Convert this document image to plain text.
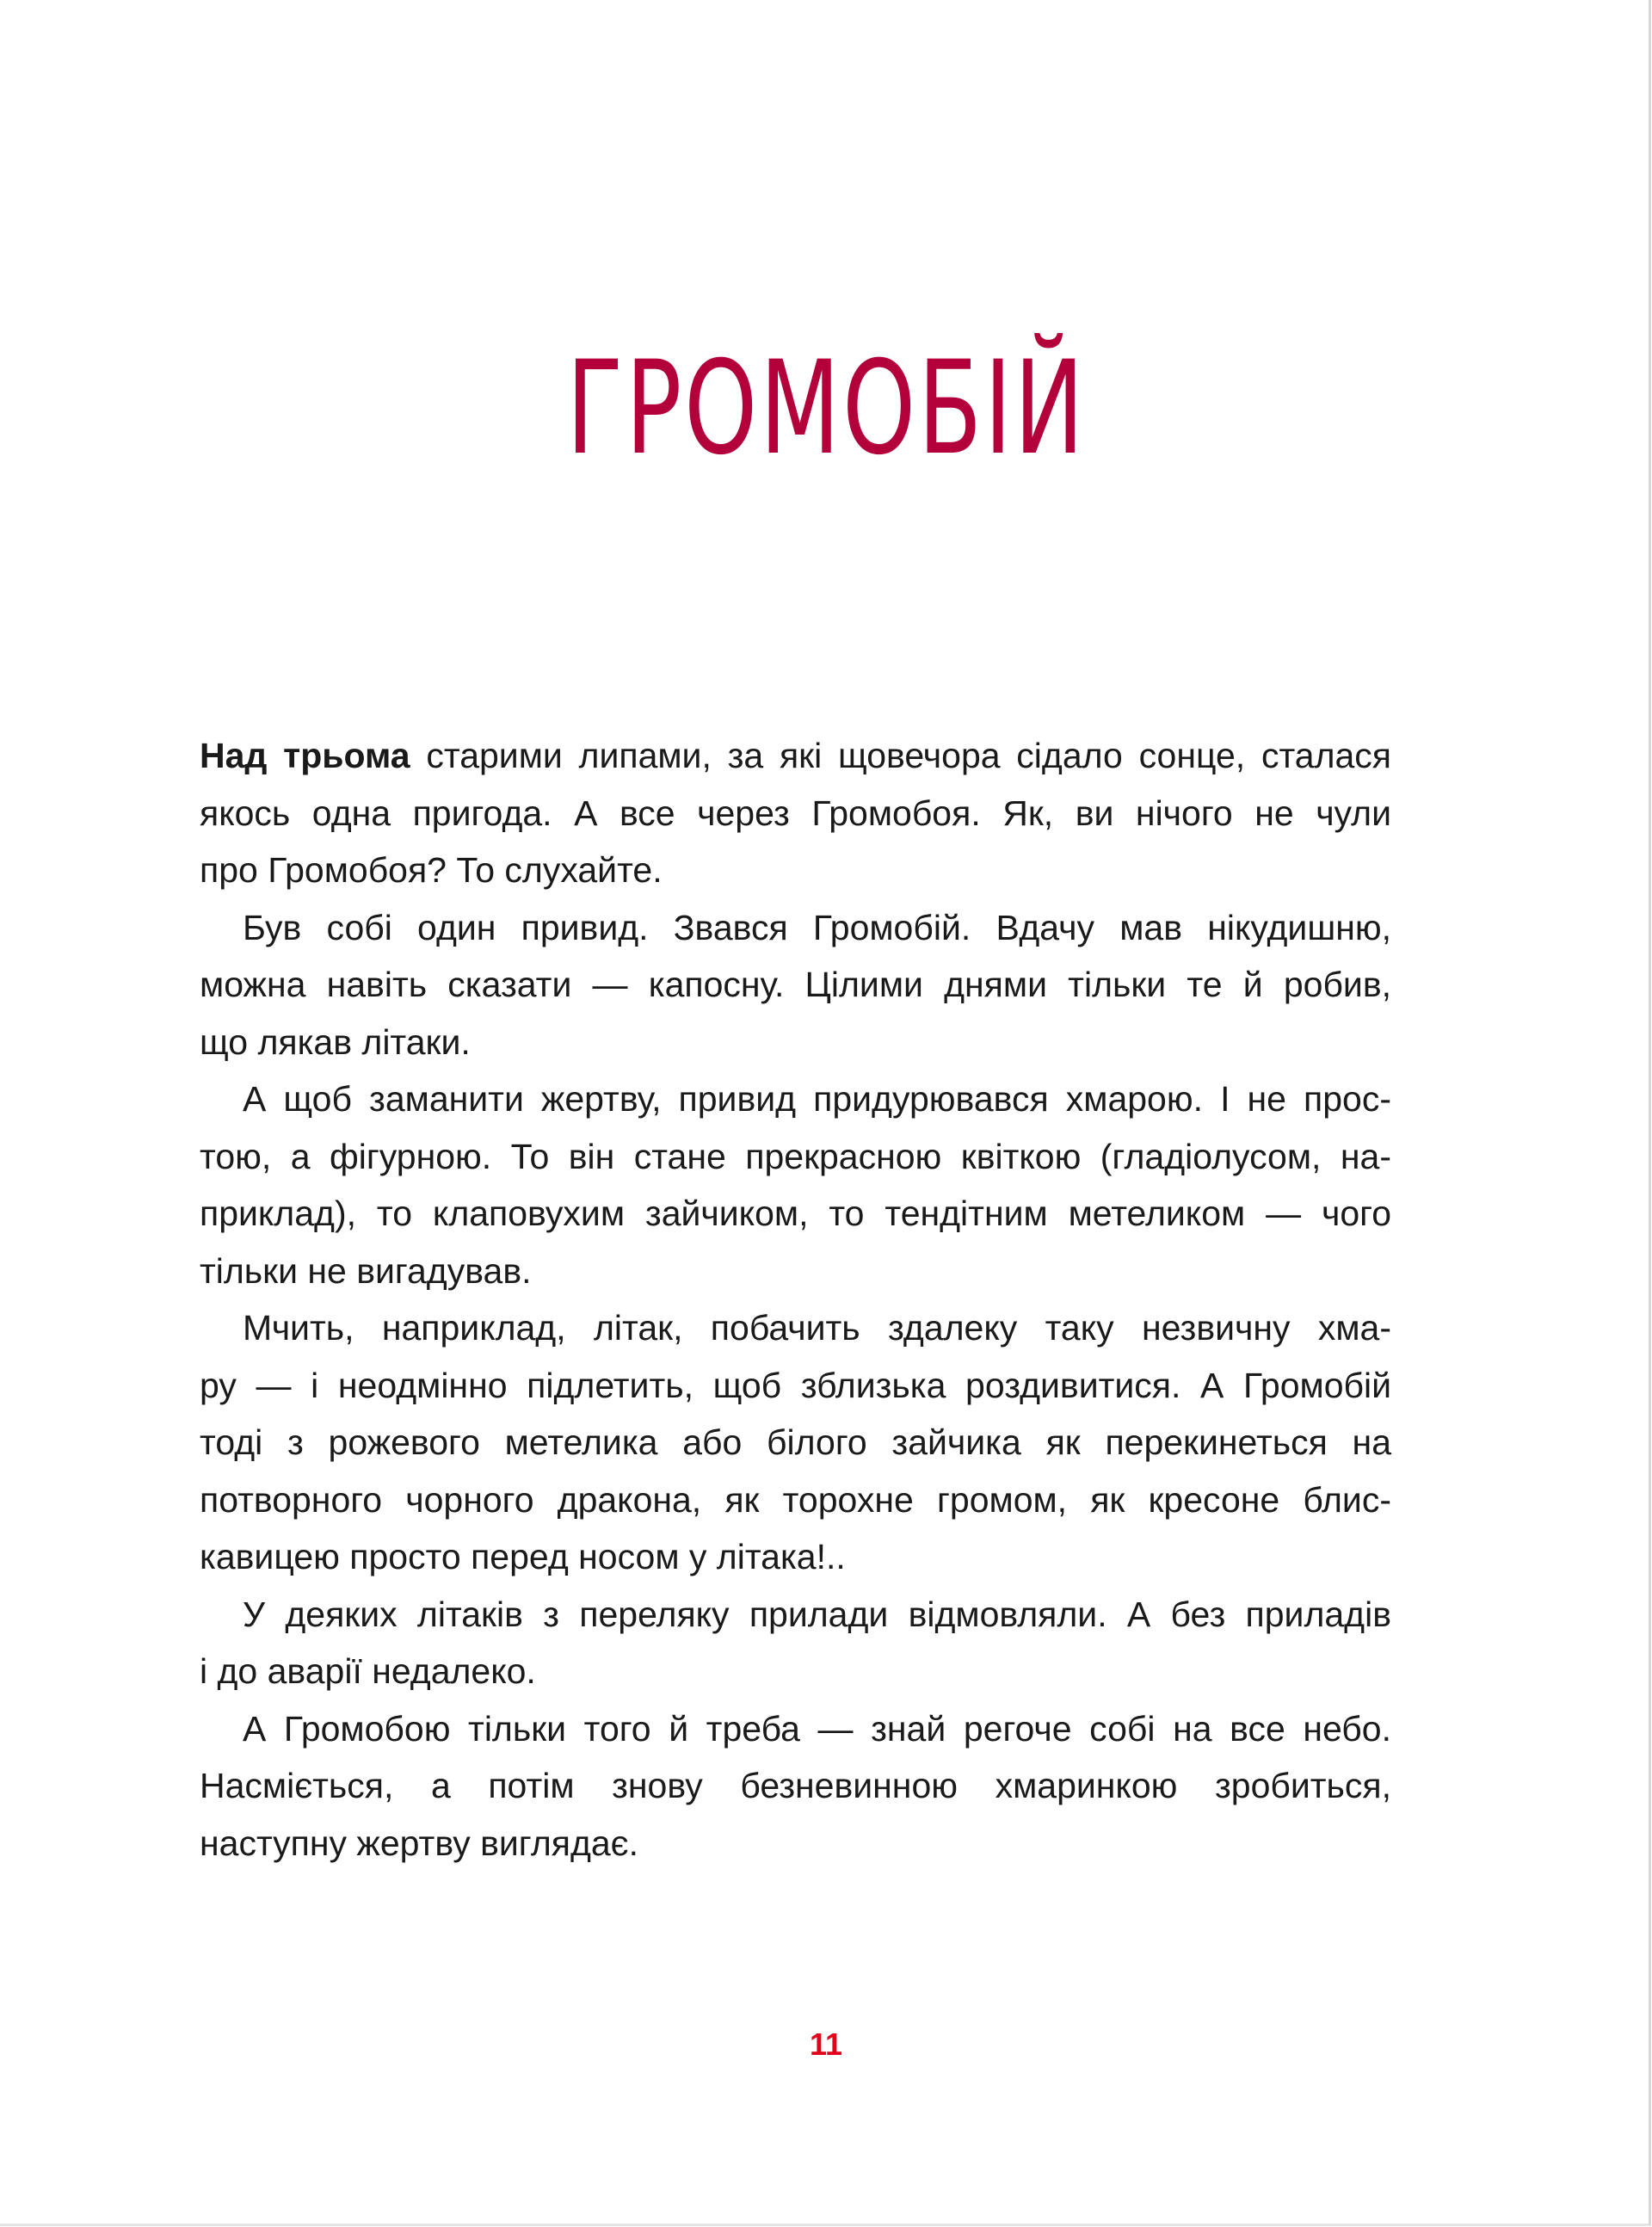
ГРОМОБІЙ
Над трьома старими липами, за які щовечора сідало сонце, сталася
якось одна пригода. А все через Громобоя. Як, ви нічого не чули
про Громобоя? То слухайте.
Був собі один привид. Звався Громобій. Вдачу мав нікудишню,
можна навіть сказати — капосну. Цілими днями тільки те й робив,
що лякав літаки.
А щоб заманити жертву, привид придурювався хмарою. І не прос-
тою, а фігурною. То він стане прекрасною квіткою (гладіолусом, на-
приклад), то клаповухим зайчиком, то тендітним метеликом — чого
тільки не вигадував.
Мчить, наприклад, літак, побачить здалеку таку незвичну хма-
ру — і неодмінно підлетить, щоб зблизька роздивитися. А Громобій
тоді з рожевого метелика або білого зайчика як перекинеться на
потворного чорного дракона, як торохне громом, як кресоне блис-
кавицею просто перед носом у літака!..
У деяких літаків з переляку прилади відмовляли. А без приладів
і до аварії недалеко.
А Громобою тільки того й треба — знай регоче собі на все небо.
Насміється, а потім знову безневинною хмаринкою зробиться,
наступну жертву виглядає.
11
